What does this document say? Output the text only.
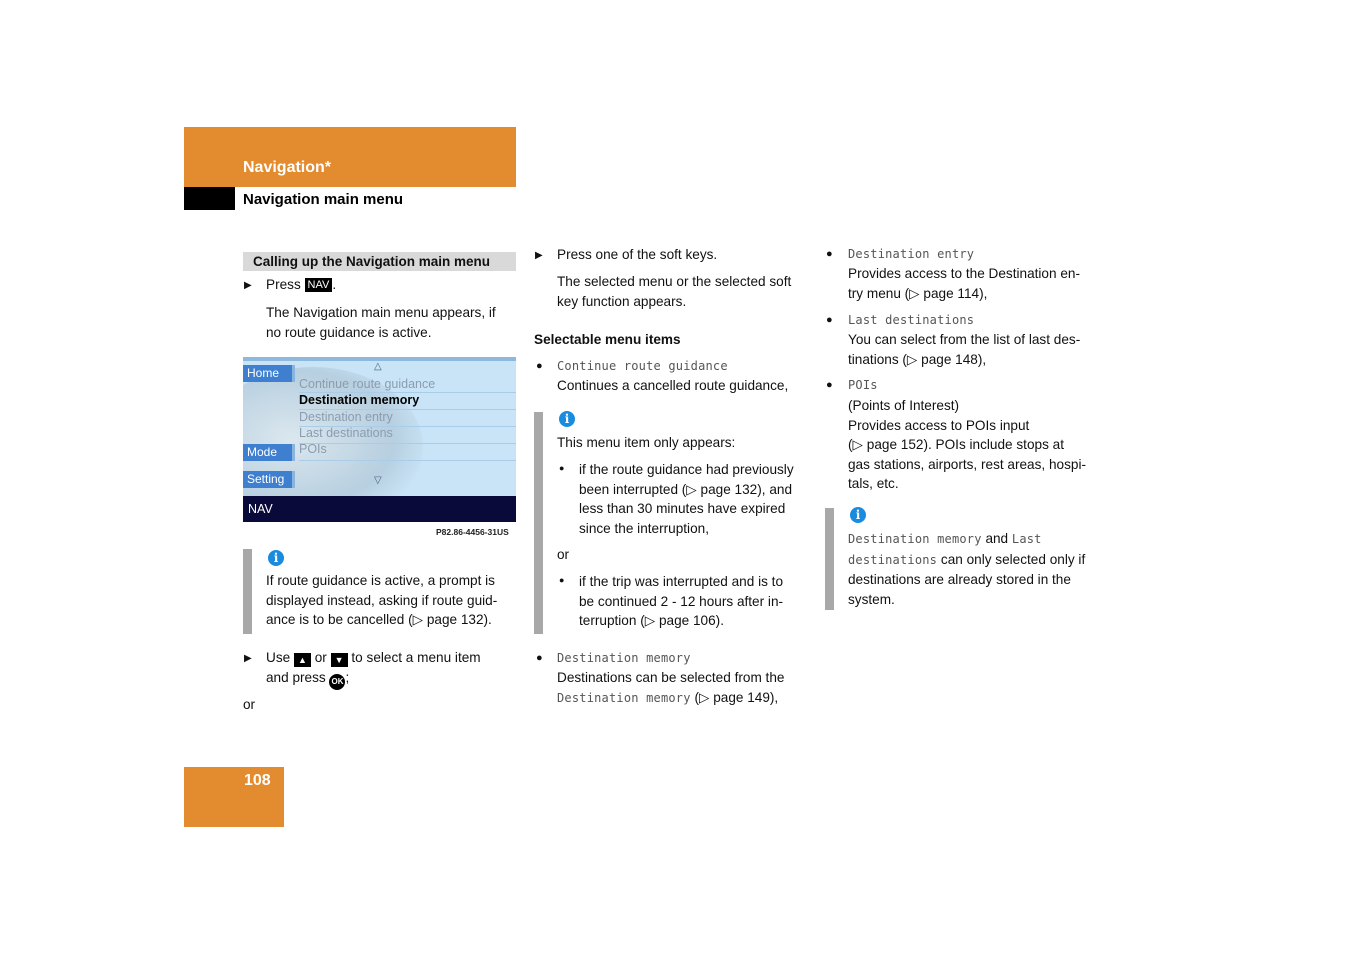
Navigation*
Navigation main menu
Calling up the Navigation main menu
▶ Press NAV .

The Navigation main menu appears, if

no route guidance is active.

△
Home
Mode
Setting
Continue route guidance
Destination memory
Destination entry
Last destinations
POIs
▽
NAV
P82.86-4456-31US
i

If route guidance is active, a prompt is

displayed instead, asking if route guid-

ance is to be cancelled (▷ page 132).

▶ Use ▲ or ▼ to select a menu item

and press OK ;

or
▶ Press one of the soft keys.

The selected menu or the selected soft

key function appears.

Selectable menu items
● Continue route guidance
Continues a cancelled route guidance,
i
This menu item only appears:
● if the route guidance had previously

been interrupted (▷ page 132), and

less than 30 minutes have expired

since the interruption,

or
● if the trip was interrupted and is to

be continued 2 - 12 hours after in-

terruption (▷ page 106).

● Destination memory

Destinations can be selected from the

Destination memory (▷ page 149),

● Destination entry

Provides access to the Destination en-

try menu (▷ page 114),

● Last destinations

You can select from the list of last des-

tinations (▷ page 148),

● POIs

(Points of Interest)

Provides access to POIs input

(▷ page 152). POIs include stops at

gas stations, airports, rest areas, hospi-

tals, etc.

i

Destination memory and Last

destinations can only selected only if

destinations are already stored in the

system.

108
